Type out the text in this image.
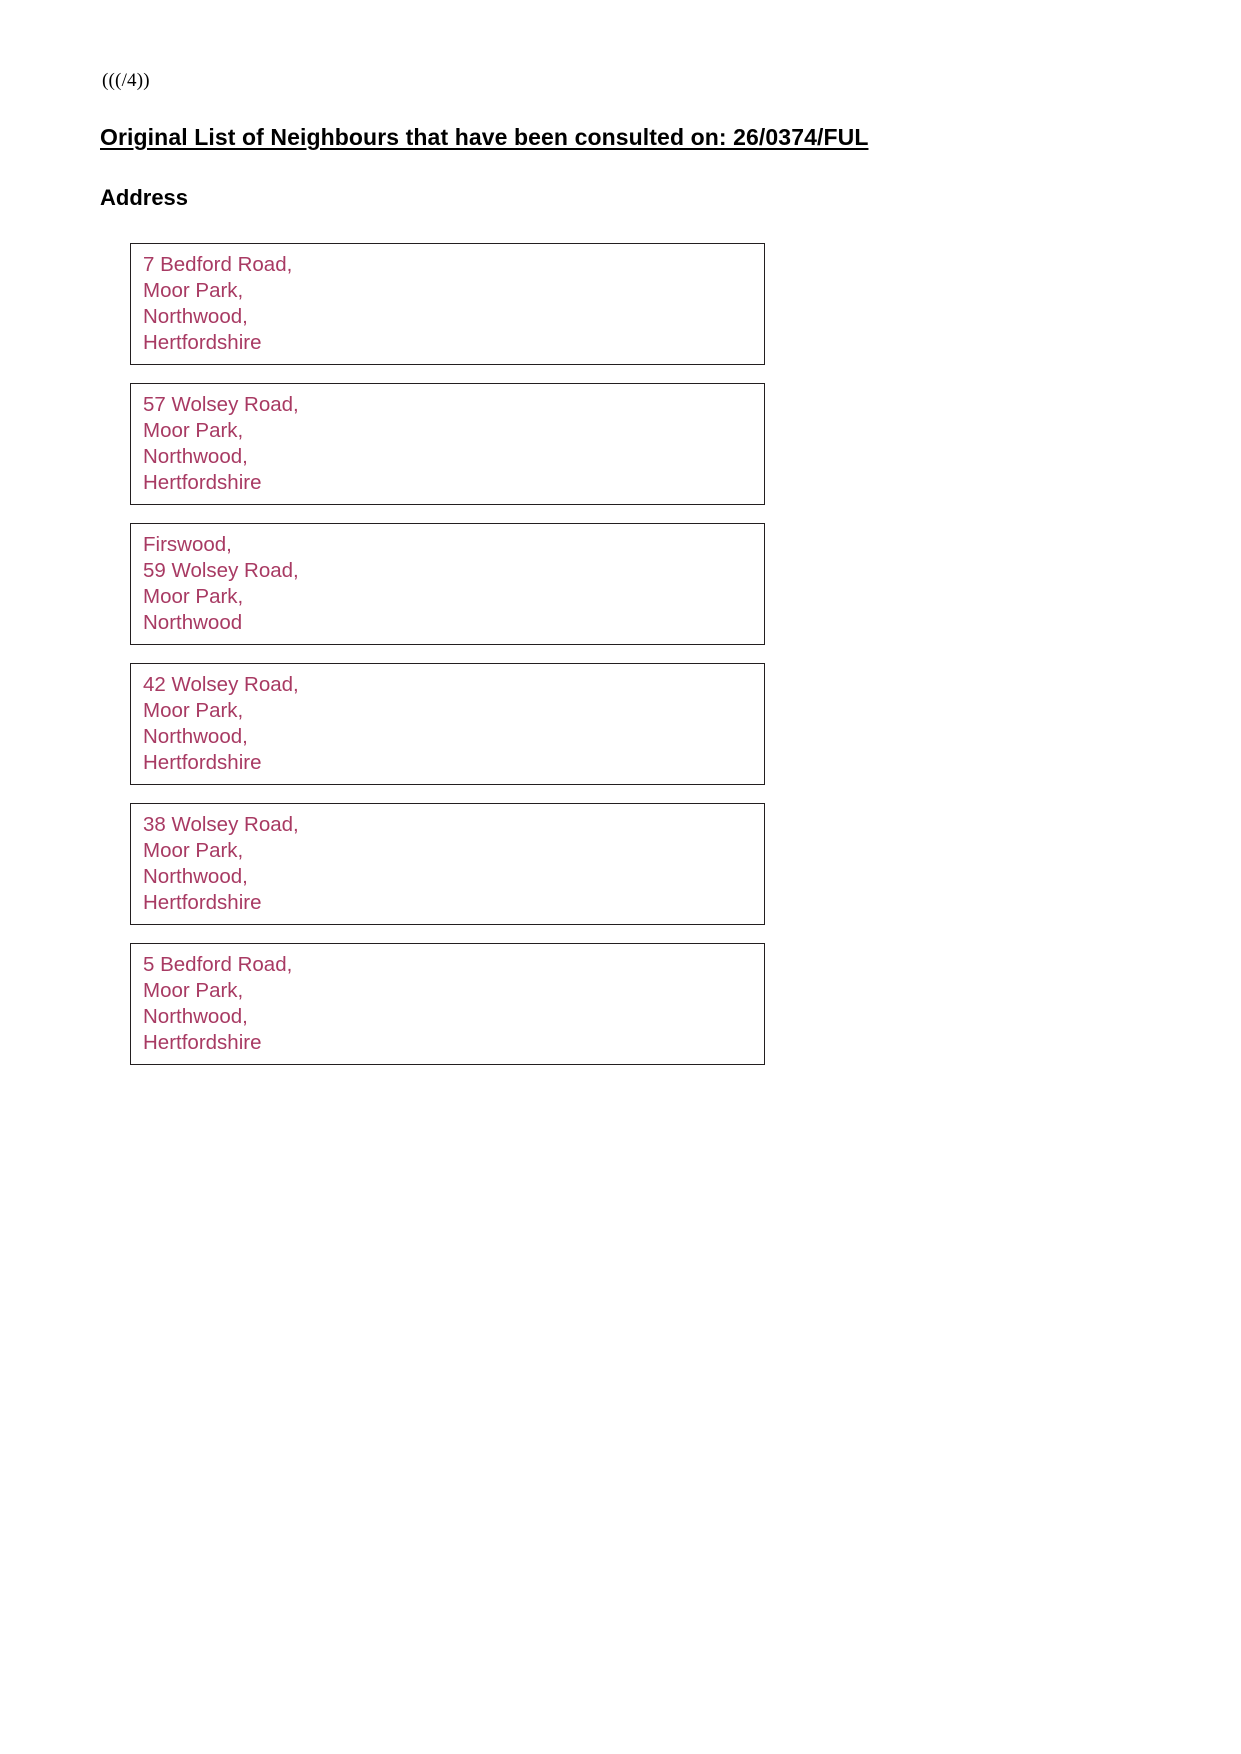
(((/4))
Original List of Neighbours that have been consulted on: 26/0374/FUL
Address
7 Bedford Road,
Moor Park,
Northwood,
Hertfordshire
57 Wolsey Road,
Moor Park,
Northwood,
Hertfordshire
Firswood,
59 Wolsey Road,
Moor Park,
Northwood
42 Wolsey Road,
Moor Park,
Northwood,
Hertfordshire
38 Wolsey Road,
Moor Park,
Northwood,
Hertfordshire
5 Bedford Road,
Moor Park,
Northwood,
Hertfordshire
